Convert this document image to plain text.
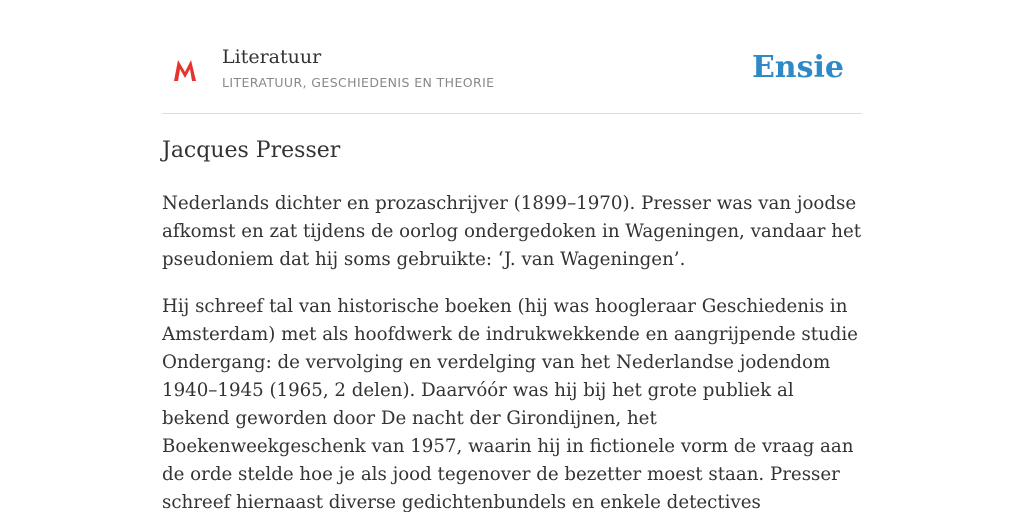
Literatuur
LITERATUUR, GESCHIEDENIS EN THEORIE	Ensie
Jacques Presser

Nederlands dichter en prozaschrijver (1899–1970). Presser was van joodse afkomst en zat tijdens de oorlog ondergedoken in Wageningen, vandaar het pseudoniem dat hij soms gebruikte: ‘J. van Wageningen’.

Hij schreef tal van historische boeken (hij was hoogleraar Geschiedenis in Amsterdam) met als hoofdwerk de indrukwekkende en aangrijpende studie Ondergang: de vervolging en verdelging van het Nederlandse jodendom 1940–1945 (1965, 2 delen). Daarvóór was hij bij het grote publiek al bekend geworden door De nacht der Girondijnen, het Boekenweekgeschenk van 1957, waarin hij in fictionele vorm de vraag aan de orde stelde hoe je als jood tegenover de bezetter moest staan. Presser schreef hiernaast diverse gedichtenbundels en enkele detectives
